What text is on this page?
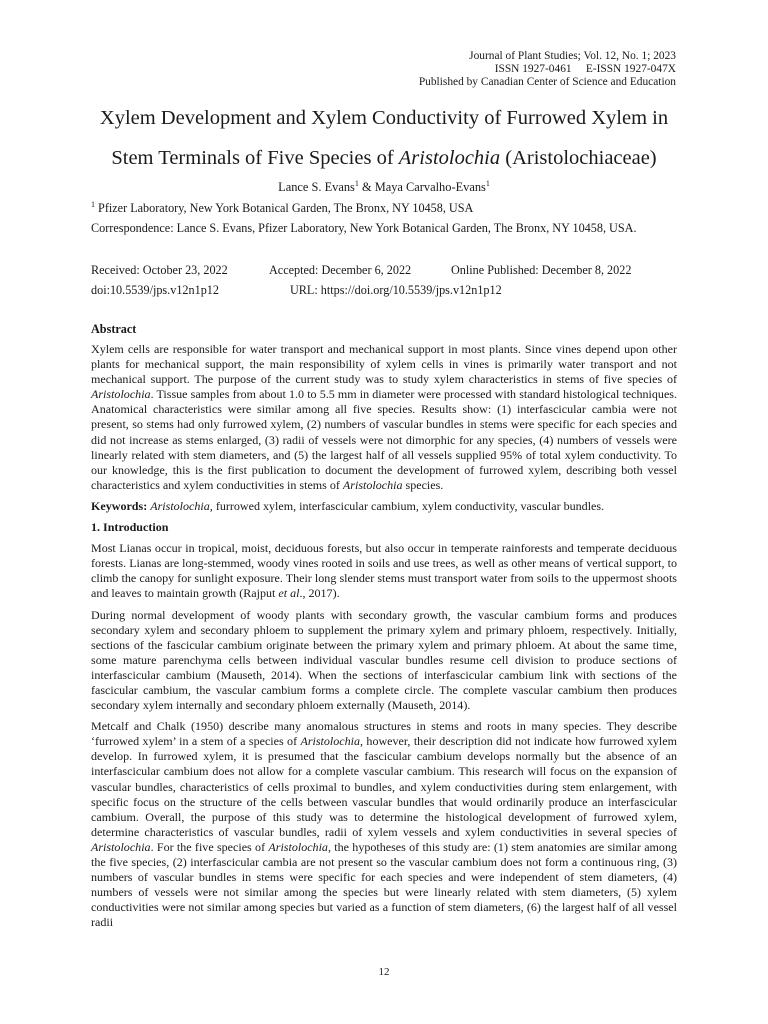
Journal of Plant Studies; Vol. 12, No. 1; 2023
ISSN 1927-0461     E-ISSN 1927-047X
Published by Canadian Center of Science and Education
Xylem Development and Xylem Conductivity of Furrowed Xylem in
Stem Terminals of Five Species of Aristolochia (Aristolochiaceae)
Lance S. Evans$^1$ & Maya Carvalho-Evans$^1$
$^1$ Pfizer Laboratory, New York Botanical Garden, The Bronx, NY 10458, USA
Correspondence: Lance S. Evans, Pfizer Laboratory, New York Botanical Garden, The Bronx, NY 10458, USA.
Received: October 23, 2022	Accepted: December 6, 2022	Online Published: December 8, 2022
doi:10.5539/jps.v12n1p12	URL: https://doi.org/10.5539/jps.v12n1p12
Abstract

Xylem cells are responsible for water transport and mechanical support in most plants. Since vines depend upon other plants for mechanical support, the main responsibility of xylem cells in vines is primarily water transport and not mechanical support. The purpose of the current study was to study xylem characteristics in stems of five species of Aristolochia. Tissue samples from about 1.0 to 5.5 mm in diameter were processed with standard histological techniques. Anatomical characteristics were similar among all five species. Results show: (1) interfascicular cambia were not present, so stems had only furrowed xylem, (2) numbers of vascular bundles in stems were specific for each species and did not increase as stems enlarged, (3) radii of vessels were not dimorphic for any species, (4) numbers of vessels were linearly related with stem diameters, and (5) the largest half of all vessels supplied 95% of total xylem conductivity. To our knowledge, this is the first publication to document the development of furrowed xylem, describing both vessel characteristics and xylem conductivities in stems of Aristolochia species.

Keywords: Aristolochia, furrowed xylem, interfascicular cambium, xylem conductivity, vascular bundles.

1. Introduction

Most Lianas occur in tropical, moist, deciduous forests, but also occur in temperate rainforests and temperate deciduous forests. Lianas are long-stemmed, woody vines rooted in soils and use trees, as well as other means of vertical support, to climb the canopy for sunlight exposure. Their long slender stems must transport water from soils to the uppermost shoots and leaves to maintain growth (Rajput et al., 2017).

During normal development of woody plants with secondary growth, the vascular cambium forms and produces secondary xylem and secondary phloem to supplement the primary xylem and primary phloem, respectively. Initially, sections of the fascicular cambium originate between the primary xylem and primary phloem. At about the same time, some mature parenchyma cells between individual vascular bundles resume cell division to produce sections of interfascicular cambium (Mauseth, 2014). When the sections of interfascicular cambium link with sections of the fascicular cambium, the vascular cambium forms a complete circle. The complete vascular cambium then produces secondary xylem internally and secondary phloem externally (Mauseth, 2014).

Metcalf and Chalk (1950) describe many anomalous structures in stems and roots in many species. They describe ‘furrowed xylem’ in a stem of a species of Aristolochia, however, their description did not indicate how furrowed xylem develop. In furrowed xylem, it is presumed that the fascicular cambium develops normally but the absence of an interfascicular cambium does not allow for a complete vascular cambium. This research will focus on the expansion of vascular bundles, characteristics of cells proximal to bundles, and xylem conductivities during stem enlargement, with specific focus on the structure of the cells between vascular bundles that would ordinarily produce an interfascicular cambium. Overall, the purpose of this study was to determine the histological development of furrowed xylem, determine characteristics of vascular bundles, radii of xylem vessels and xylem conductivities in several species of Aristolochia. For the five species of Aristolochia, the hypotheses of this study are: (1) stem anatomies are similar among the five species, (2) interfascicular cambia are not present so the vascular cambium does not form a continuous ring, (3) numbers of vascular bundles in stems were specific for each species and were independent of stem diameters, (4) numbers of vessels were not similar among the species but were linearly related with stem diameters, (5) xylem conductivities were not similar among species but varied as a function of stem diameters, (6) the largest half of all vessel radii

12
